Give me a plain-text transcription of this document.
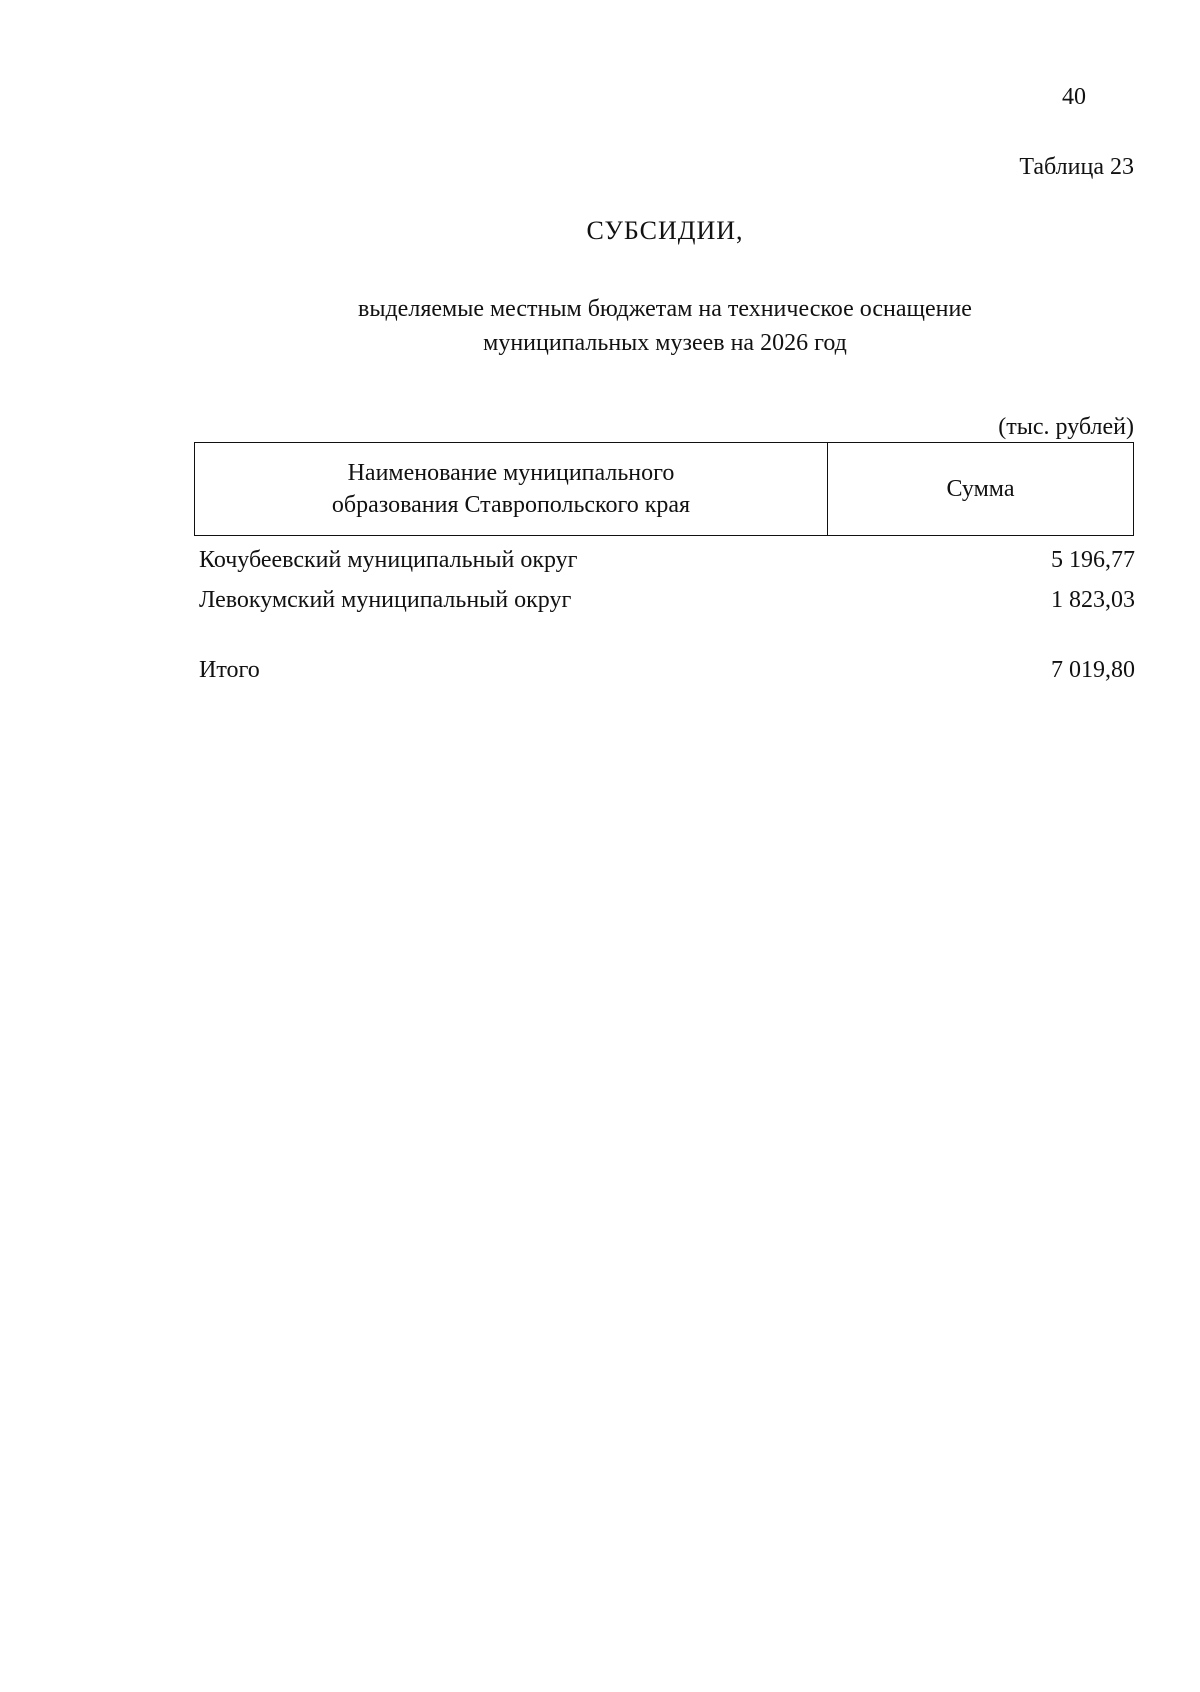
40
Таблица 23
СУБСИДИИ,
выделяемые местным бюджетам на техническое оснащение
муниципальных музеев на 2026 год
(тыс. рублей)
Наименование муниципального
образования Ставропольского края
	Сумма
Кочубеевский муниципальный округ	5 196,77
Левокумский муниципальный округ	1 823,03
Итого	7 019,80
